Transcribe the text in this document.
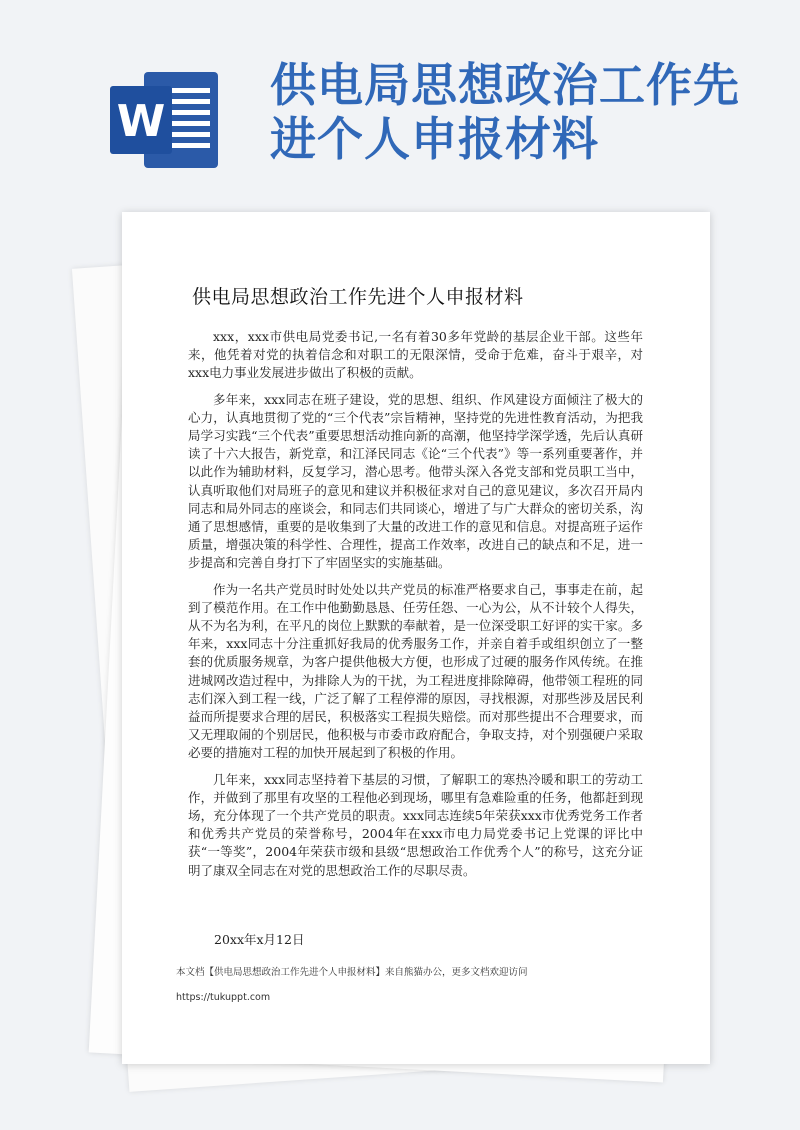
W
供电局思想政治工作先
进个人申报材料
供电局思想政治工作先进个人申报材料

xxx，xxx市供电局党委书记,一名有着30多年党龄的基层企业干部。这些年来，他凭着对党的执着信念和对职工的无限深情，受命于危难，奋斗于艰辛，对xxx电力事业发展进步做出了积极的贡献。

多年来，xxx同志在班子建设，党的思想、组织、作风建设方面倾注了极大的心力，认真地贯彻了党的“三个代表”宗旨精神，坚持党的先进性教育活动，为把我局学习实践“三个代表”重要思想活动推向新的高潮，他坚持学深学透，先后认真研读了十六大报告，新党章，和江泽民同志《论“三个代表”》等一系列重要著作，并以此作为辅助材料，反复学习，潜心思考。他带头深入各党支部和党员职工当中，认真听取他们对局班子的意见和建议并积极征求对自己的意见建议，多次召开局内同志和局外同志的座谈会，和同志们共同谈心，增进了与广大群众的密切关系，沟通了思想感情，重要的是收集到了大量的改进工作的意见和信息。对提高班子运作质量，增强决策的科学性、合理性，提高工作效率，改进自己的缺点和不足，进一步提高和完善自身打下了牢固坚实的实施基础。

作为一名共产党员时时处处以共产党员的标准严格要求自己，事事走在前，起到了模范作用。在工作中他勤勤恳恳、任劳任怨、一心为公，从不计较个人得失，从不为名为利，在平凡的岗位上默默的奉献着，是一位深受职工好评的实干家。多年来，xxx同志十分注重抓好我局的优秀服务工作，并亲自着手或组织创立了一整套的优质服务规章，为客户提供他极大方便，也形成了过硬的服务作风传统。在推进城网改造过程中，为排除人为的干扰，为工程进度排除障碍，他带领工程班的同志们深入到工程一线，广泛了解了工程停滞的原因，寻找根源，对那些涉及居民利益而所提要求合理的居民，积极落实工程损失赔偿。而对那些提出不合理要求，而又无理取闹的个别居民，他积极与市委市政府配合，争取支持，对个别强硬户采取必要的措施对工程的加快开展起到了积极的作用。

几年来，xxx同志坚持着下基层的习惯，了解职工的寒热冷暖和职工的劳动工作，并做到了那里有攻坚的工程他必到现场，哪里有急难险重的任务，他都赶到现场，充分体现了一个共产党员的职责。xxx同志连续5年荣获xxx市优秀党务工作者和优秀共产党员的荣誉称号，2004年在xxx市电力局党委书记上党课的评比中获“一等奖”，2004年荣获市级和县级“思想政治工作优秀个人”的称号，这充分证明了康双全同志在对党的思想政治工作的尽职尽责。

20xx年x月12日
本文档【供电局思想政治工作先进个人申报材料】来自熊猫办公，更多文档欢迎访问
https://tukuppt.com
